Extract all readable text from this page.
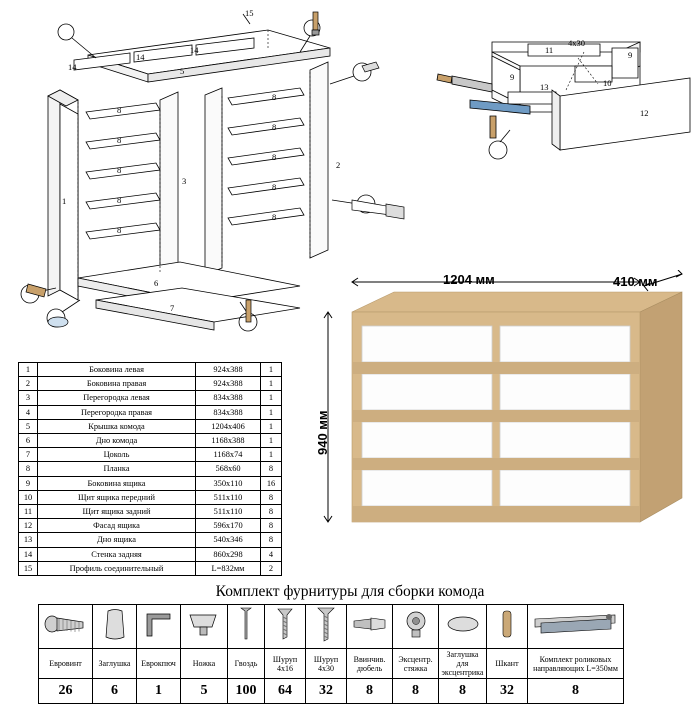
15
14
14
14
5
1
3
8
8
8
8
8
8
8
8
8
8
6
7
2
11
9
9
13	10
12
4х30
1	Боковина левая	924х388	1
2	Боковина правая	924х388	1
3	Перегородка левая	834х388	1
4	Перегородка правая	834х388	1
5	Крышка комода	1204х406	1
6	Дно комода	1168х388	1
7	Цоколь	1168х74	1
8	Планка	568х60	8
9	Боковина ящика	350х110	16
10	Щит ящика передний	511х110	8
11	Щит ящика задний	511х110	8
12	Фасад ящика	596х170	8
13	Дно ящика	540х346	8
14	Стенка задняя	860х298	4
15	Профиль соединительный	L=832мм	2
1204 мм	410 мм
940 мм
Комплект фурнитуры для сборки комода

Евровинт	Заглушка	Еврокпюч	Ножка	Гвоздь	Шуруп 4х16	Шуруп 4х30	Ввинчив. дюбель	Эксцентр. стяжка	Заглушка для эксцентрика	Шкант	Комплект роликовых направляющих L=350мм
26	6	1	5	100	64	32	8	8	8	32	8
